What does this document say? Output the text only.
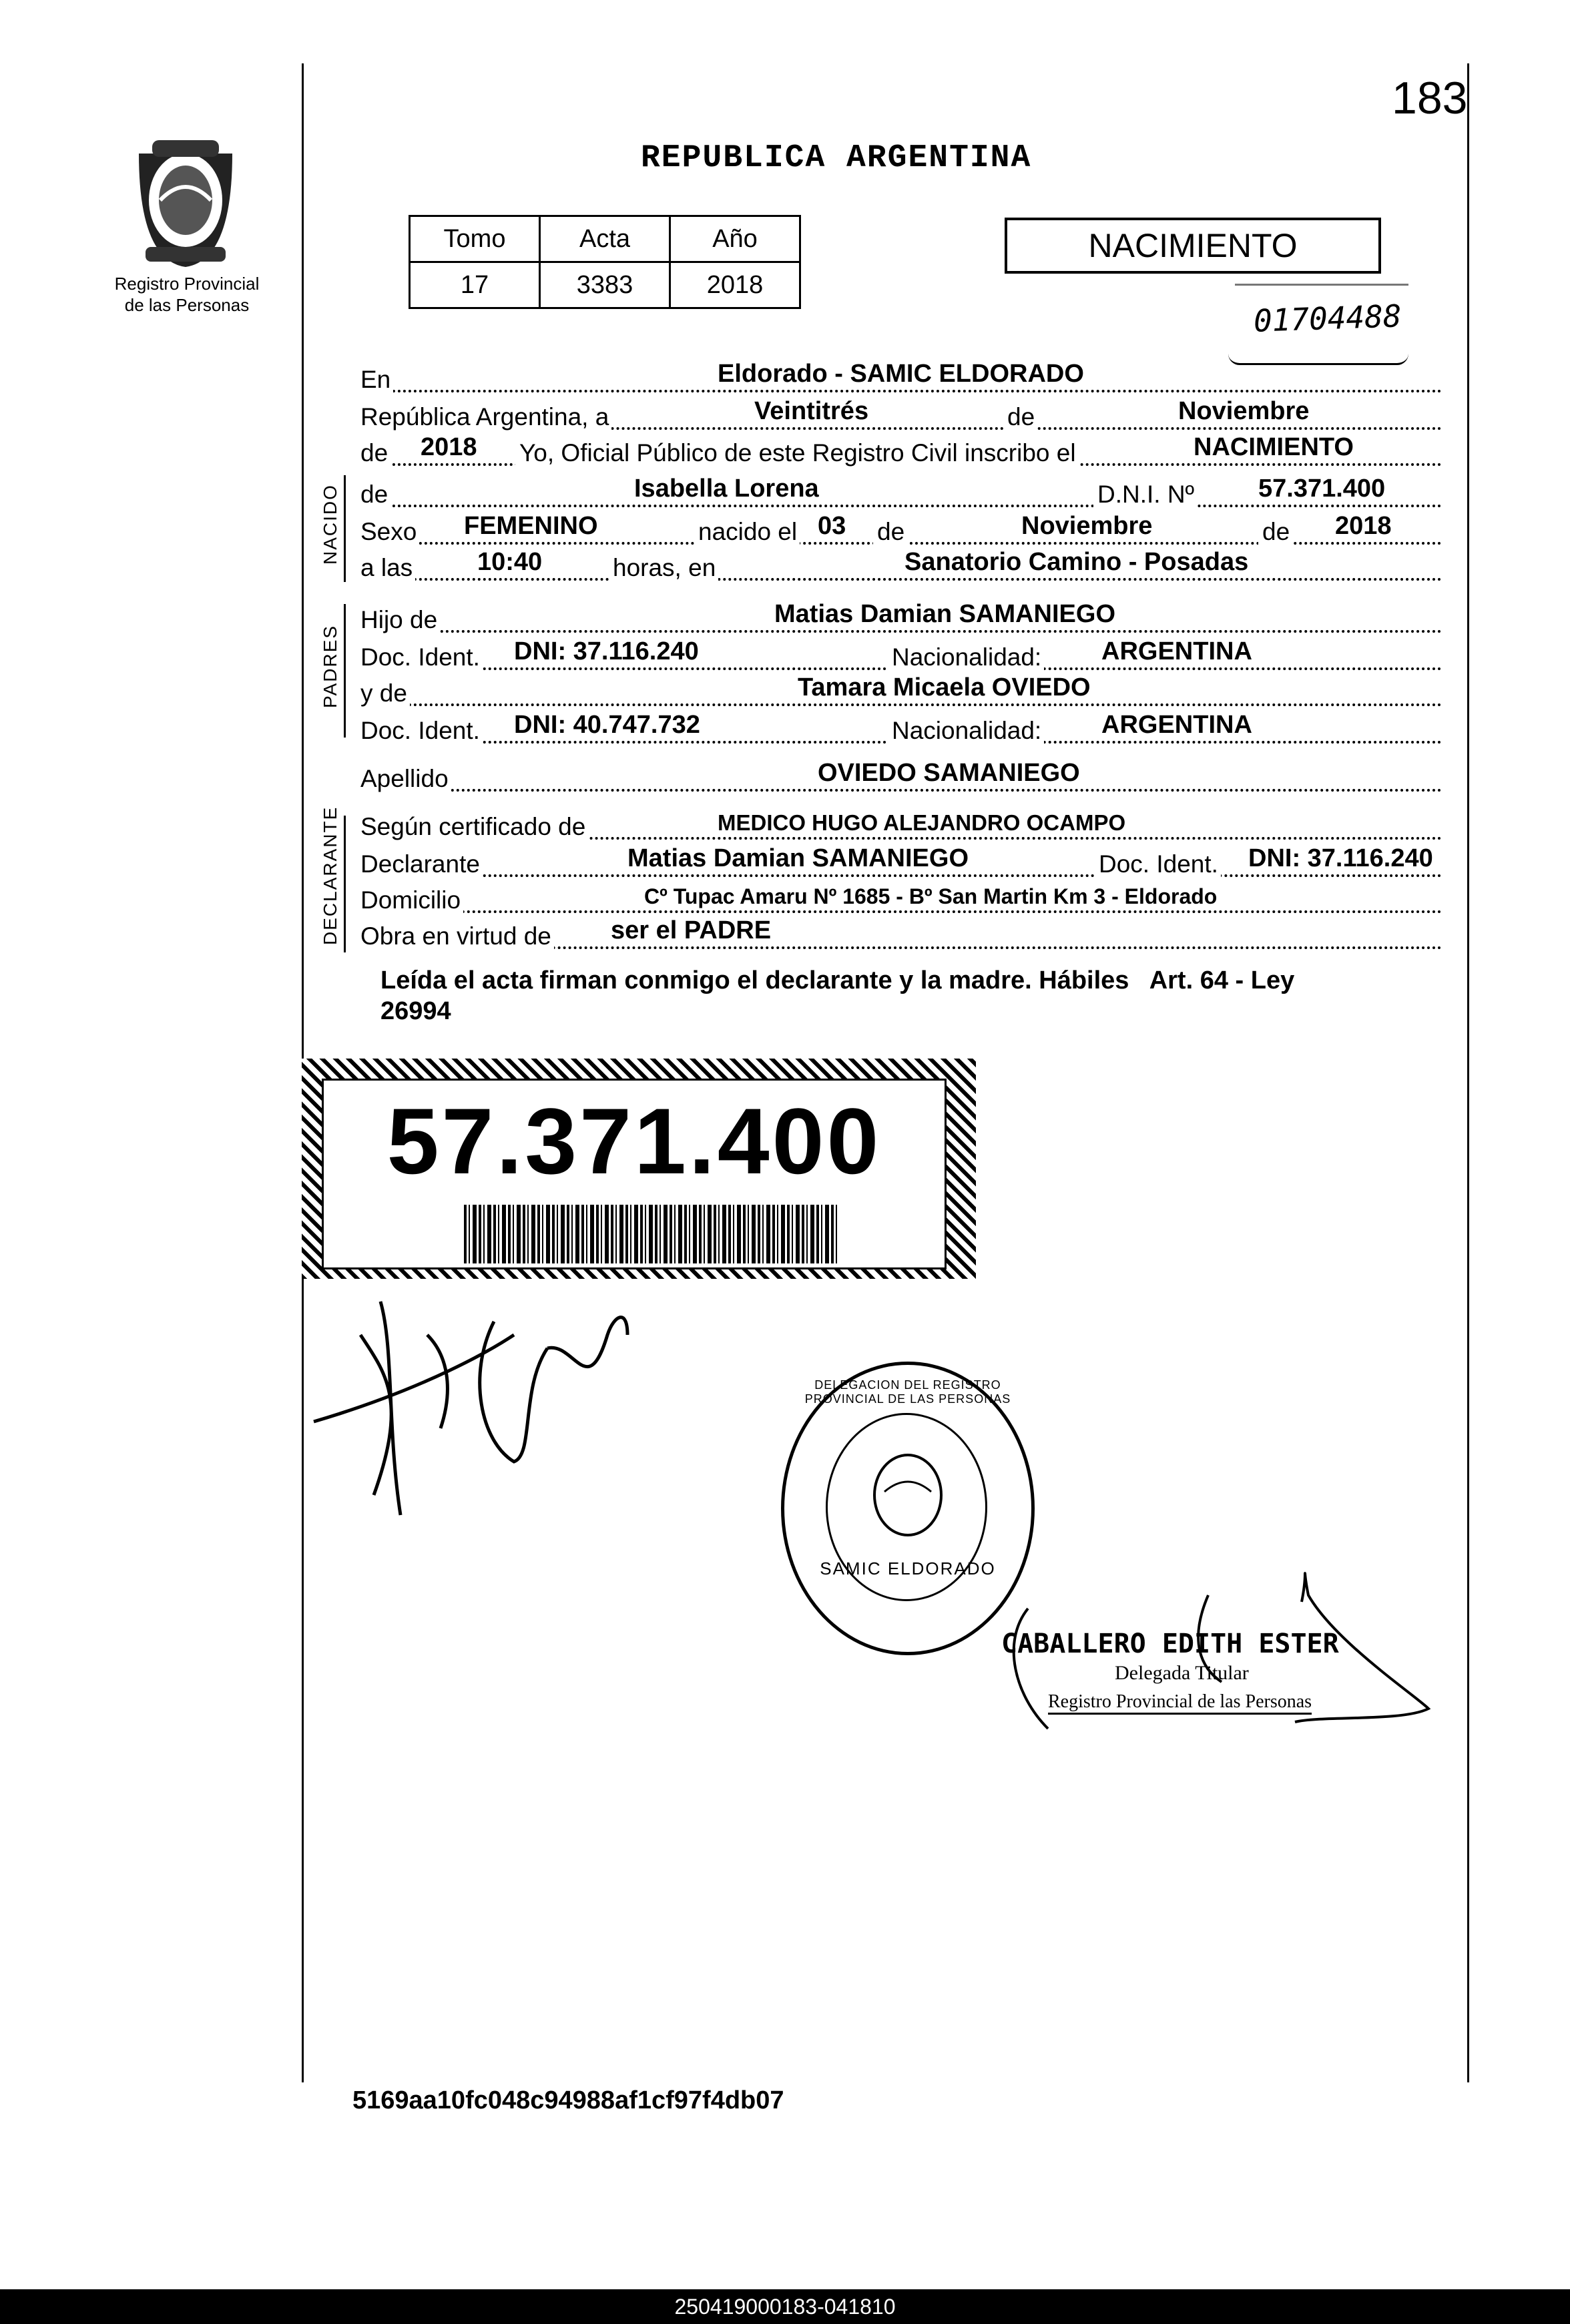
183
Registro Provincial
de las Personas
REPUBLICA ARGENTINA
Tomo	Acta	Año
17	3383	2018
NACIMIENTO
01704488
En	Eldorado - SAMIC ELDORADO
República Argentina, a	Veintitrés	de	Noviembre
de 2018 Yo, Oficial Público de este Registro Civil inscribo el	NACIMIENTO
NACIDO de	Isabella Lorena	D.N.I. Nº	57.371.400
Sexo FEMENINO	nacido el 03 de	Noviembre	de 2018
a las	10:40	horas, en	Sanatorio Camino - Posadas
PADRES
Hijo de	Matias Damian SAMANIEGO
Doc. Ident. DNI: 37.116.240	Nacionalidad: ARGENTINA
y de	Tamara Micaela OVIEDO
Doc. Ident. DNI: 40.747.732	Nacionalidad: ARGENTINA
Apellido	OVIEDO SAMANIEGO
DECLARANTE Según certificado de	MEDICO HUGO ALEJANDRO OCAMPO
Declarante	Matias Damian SAMANIEGO	Doc. Ident. DNI: 37.116.240
Domicilio	Cº Tupac Amaru Nº 1685 - Bº San Martin Km 3 - Eldorado
Obra en virtud de ser el PADRE
Leída el acta firman conmigo el declarante y la madre. Hábiles   Art. 64 - Ley
26994
57.371.400
SAMIC ELDORADO
DELEGACION DEL REGISTRO PROVINCIAL DE LAS PERSONAS
CABALLERO EDITH ESTER
Delegada Titular
Registro Provincial de las Personas
5169aa10fc048c94988af1cf97f4db07
250419000183-041810
